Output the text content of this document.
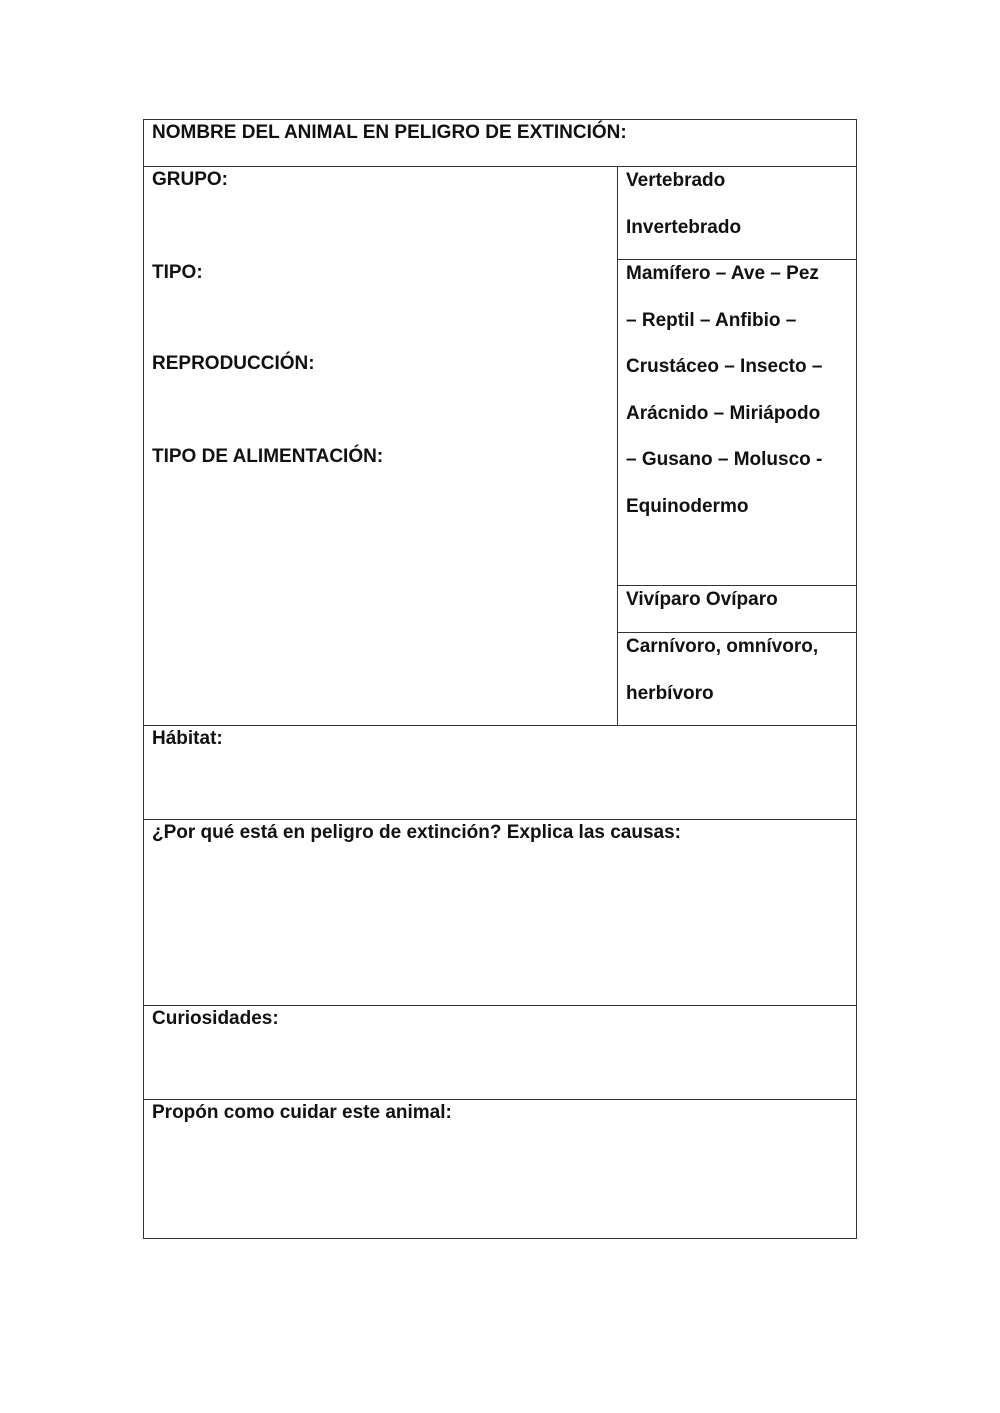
NOMBRE DEL ANIMAL EN PELIGRO DE EXTINCIÓN:
GRUPO:
TIPO:
REPRODUCCIÓN:
TIPO DE ALIMENTACIÓN:
Vertebrado
Invertebrado
Mamífero – Ave – Pez
– Reptil – Anfibio –
Crustáceo – Insecto –
Arácnido – Miriápodo
– Gusano – Molusco -
Equinodermo
Vivíparo Ovíparo
Carnívoro, omnívoro,
herbívoro
Hábitat:
¿Por qué está en peligro de extinción? Explica las causas:
Curiosidades:
Propón como cuidar este animal:
